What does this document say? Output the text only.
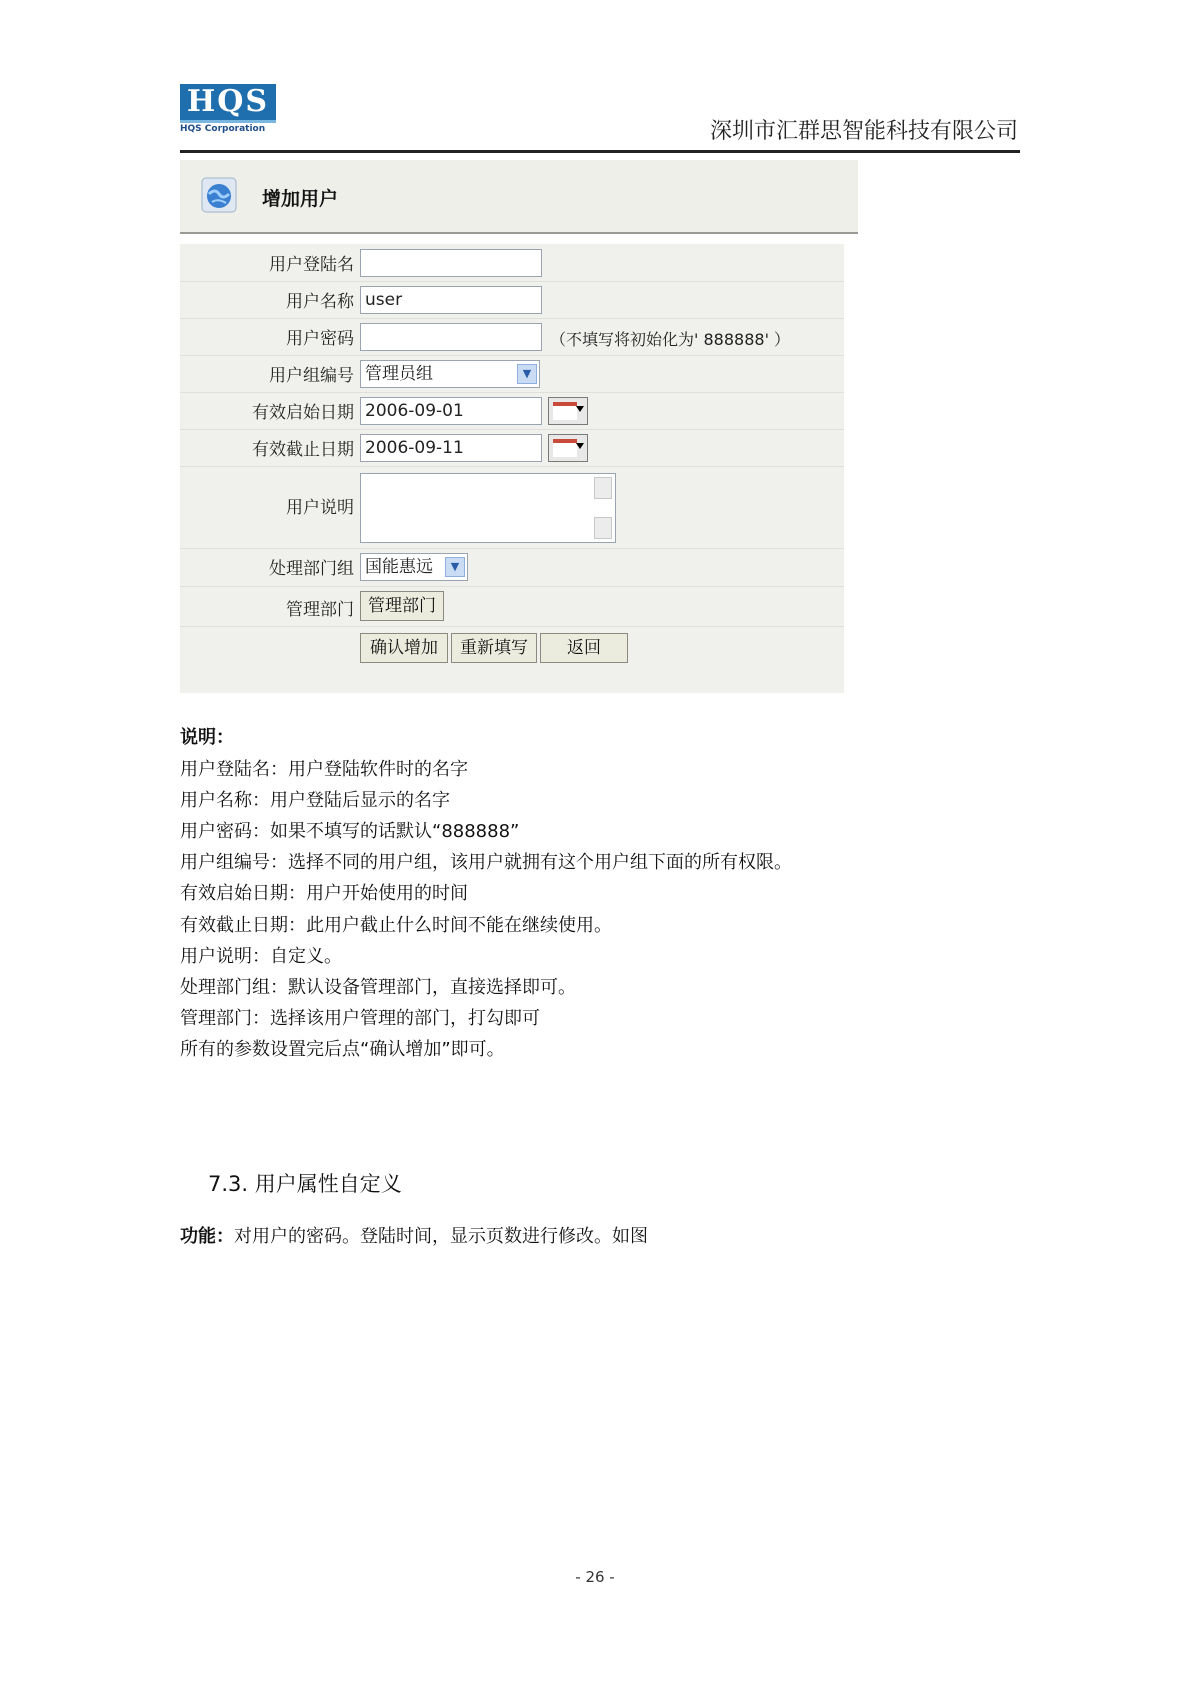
HQS
HQS Corporation	深圳市汇群思智能科技有限公司
增加用户
用户登陆名
用户名称 user
用户密码	（不填写将初始化为' 888888' ）
用户组编号 管理员组	▼
有效启始日期 2006-09-01
有效截止日期 2006-09-11
用户说明
处理部门组 国能惠远	▼
管理部门 管理部门
确认增加	重新填写	返回
说明：
用户登陆名：用户登陆软件时的名字
用户名称：用户登陆后显示的名字
用户密码：如果不填写的话默认“888888”
用户组编号：选择不同的用户组，该用户就拥有这个用户组下面的所有权限。
有效启始日期：用户开始使用的时间
有效截止日期：此用户截止什么时间不能在继续使用。
用户说明：自定义。
处理部门组：默认设备管理部门，直接选择即可。
管理部门：选择该用户管理的部门，打勾即可
所有的参数设置完后点“确认增加”即可。
7.3. 用户属性自定义
功能：对用户的密码。登陆时间，显示页数进行修改。如图
- 26 -
